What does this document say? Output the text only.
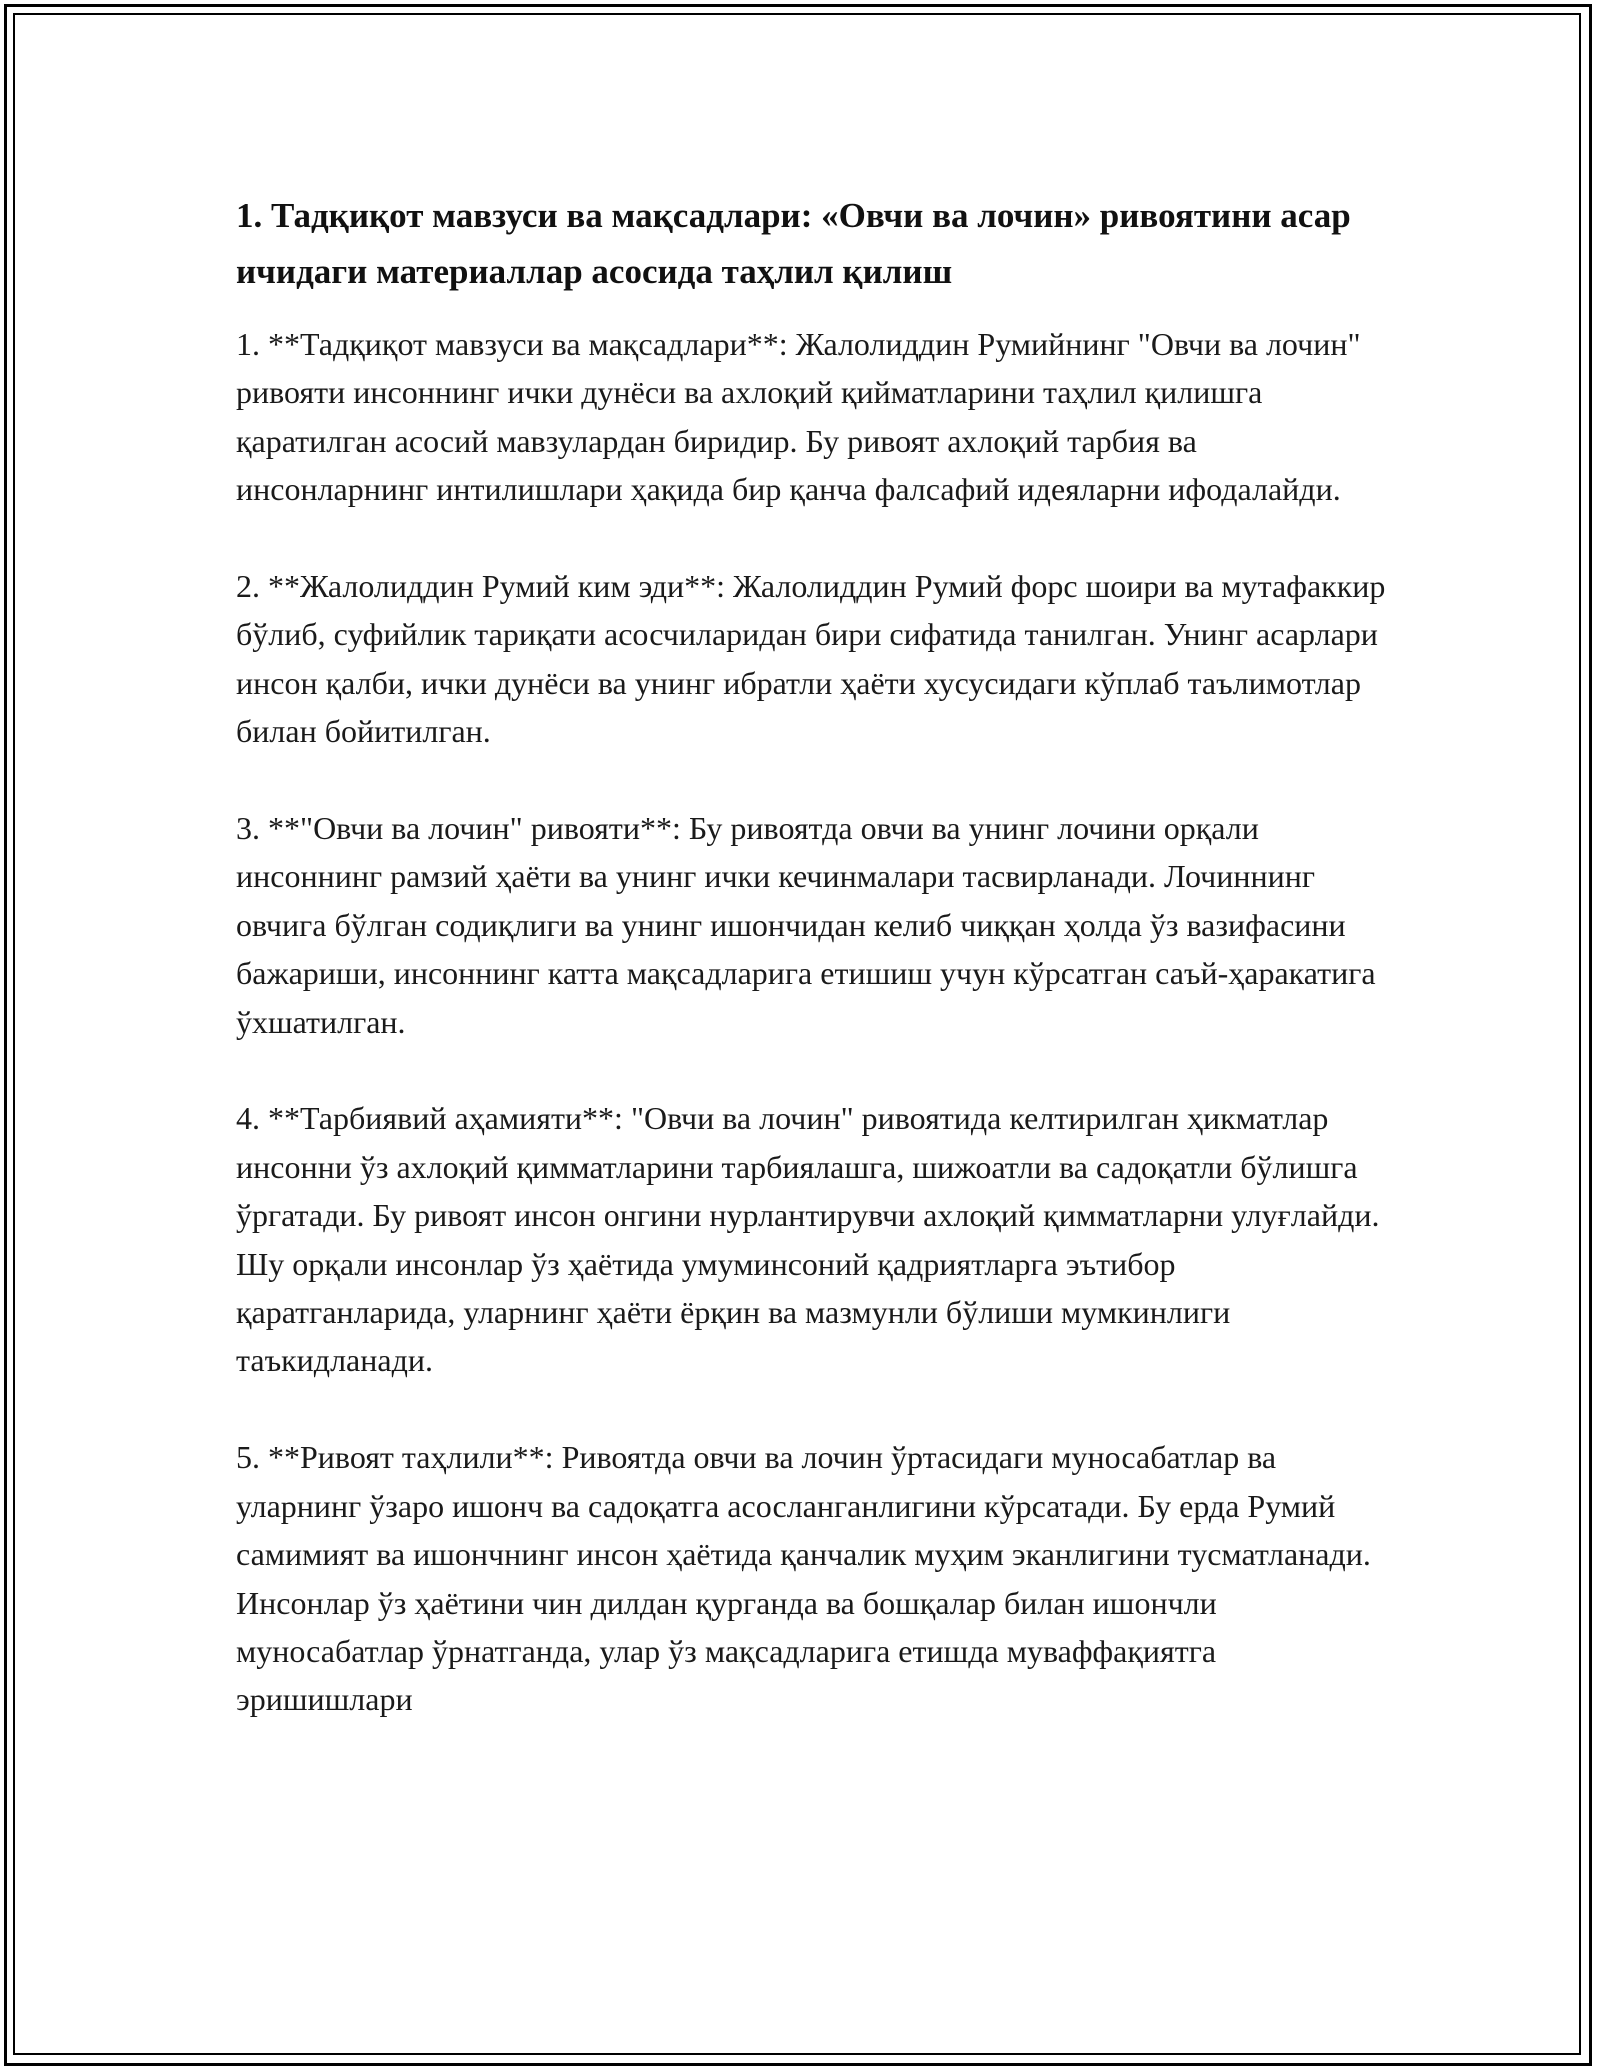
1. Тадқиқот мавзуси ва мақсадлари: «Овчи ва лочин» ривоятини асар ичидаги материаллар асосида таҳлил қилиш

1. **Тадқиқот мавзуси ва мақсадлари**: Жалолиддин Румийнинг "Овчи ва лочин" ривояти инсоннинг ички дунёси ва ахлоқий қийматларини таҳлил қилишга қаратилган асосий мавзулардан биридир. Бу ривоят ахлоқий тарбия ва инсонларнинг интилишлари ҳақида бир қанча фалсафий идеяларни ифодалайди.

2. **Жалолиддин Румий ким эди**: Жалолиддин Румий форс шоири ва мутафаккир бўлиб, суфийлик тариқати асосчиларидан бири сифатида танилган. Унинг асарлари инсон қалби, ички дунёси ва унинг ибратли ҳаёти хусусидаги кўплаб таълимотлар билан бойитилган.

3. **"Овчи ва лочин" ривояти**: Бу ривоятда овчи ва унинг лочини орқали инсоннинг рамзий ҳаёти ва унинг ички кечинмалари тасвирланади. Лочиннинг овчига бўлган содиқлиги ва унинг ишончидан келиб чиққан ҳолда ўз вазифасини бажариши, инсоннинг катта мақсадларига етишиш учун кўрсатган саъй-ҳаракатига ўхшатилган.

4. **Тарбиявий аҳамияти**: "Овчи ва лочин" ривоятида келтирилган ҳикматлар инсонни ўз ахлоқий қимматларини тарбиялашга, шижоатли ва садоқатли бўлишга ўргатади. Бу ривоят инсон онгини нурлантирувчи ахлоқий қимматларни улуғлайди. Шу орқали инсонлар ўз ҳаётида умуминсоний қадриятларга эътибор қаратганларида, уларнинг ҳаёти ёрқин ва мазмунли бўлиши мумкинлиги таъкидланади.

5. **Ривоят таҳлили**: Ривоятда овчи ва лочин ўртасидаги муносабатлар ва уларнинг ўзаро ишонч ва садоқатга асосланганлигини кўрсатади. Бу ерда Румий самимият ва ишончнинг инсон ҳаётида қанчалик муҳим эканлигини тусматланади. Инсонлар ўз ҳаётини чин дилдан қурганда ва бошқалар билан ишончли муносабатлар ўрнатганда, улар ўз мақсадларига етишда муваффақиятга эришишлари
